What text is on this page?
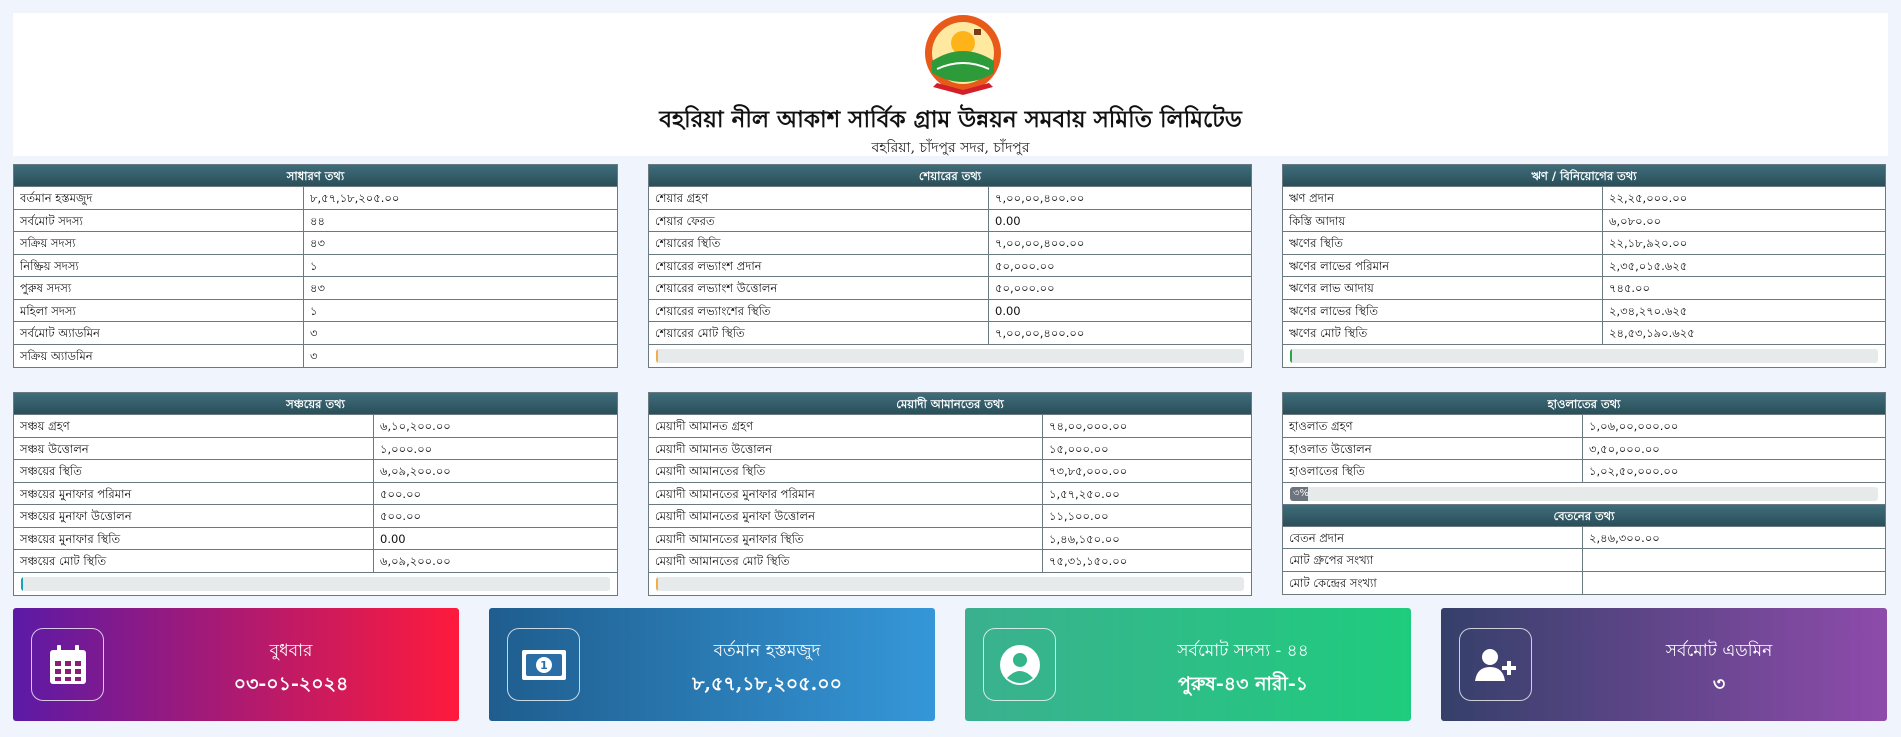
বহরিয়া নীল আকাশ সার্বিক গ্রাম উন্নয়ন সমবায় সমিতি লিমিটেড
বহরিয়া, চাঁদপুর সদর, চাঁদপুর
সাধারণ তথ্য
বর্তমান হস্তমজুদ	৮,৫৭,১৮,২০৫.০০
সর্বমোট সদস্য	৪৪
সক্রিয় সদস্য	৪৩
নিষ্ক্রিয় সদস্য	১
পুরুষ সদস্য	৪৩
মহিলা সদস্য	১
সর্বমোট অ্যাডমিন	৩
সক্রিয় অ্যাডমিন	৩
শেয়ারের তথ্য
শেয়ার গ্রহণ	৭,০০,০০,৪০০.০০
শেয়ার ফেরত	0.00
শেয়ারের স্থিতি	৭,০০,০০,৪০০.০০
শেয়ারের লভ্যাংশ প্রদান	৫০,০০০.০০
শেয়ারের লভ্যাংশ উত্তোলন	৫০,০০০.০০
শেয়ারের লভ্যাংশের স্থিতি	0.00
শেয়ারের মোট স্থিতি	৭,০০,০০,৪০০.০০
ঋণ / বিনিয়োগের তথ্য
ঋণ প্রদান	২২,২৫,০০০.০০
কিস্তি আদায়	৬,০৮০.০০
ঋণের স্থিতি	২২,১৮,৯২০.০০
ঋণের লাভের পরিমান	২,৩৫,০১৫.৬২৫
ঋণের লাভ আদায়	৭৪৫.০০
ঋণের লাভের স্থিতি	২,৩৪,২৭০.৬২৫
ঋণের মোট স্থিতি	২৪,৫৩,১৯০.৬২৫
সঞ্চয়ের তথ্য
সঞ্চয় গ্রহণ	৬,১০,২০০.০০
সঞ্চয় উত্তোলন	১,০০০.০০
সঞ্চয়ের স্থিতি	৬,০৯,২০০.০০
সঞ্চয়ের মুনাফার পরিমান	৫০০.০০
সঞ্চয়ের মুনাফা উত্তোলন	৫০০.০০
সঞ্চয়ের মুনাফার স্থিতি	0.00
সঞ্চয়ের মোট স্থিতি	৬,০৯,২০০.০০
মেয়াদী আমানতের তথ্য
মেয়াদী আমানত গ্রহণ	৭৪,০০,০০০.০০
মেয়াদী আমানত উত্তোলন	১৫,০০০.০০
মেয়াদী আমানতের স্থিতি	৭৩,৮৫,০০০.০০
মেয়াদী আমানতের মুনাফার পরিমান	১,৫৭,২৫০.০০
মেয়াদী আমানতের মুনাফা উত্তোলন	১১,১০০.০০
মেয়াদী আমানতের মুনাফার স্থিতি	১,৪৬,১৫০.০০
মেয়াদী আমানতের মোট স্থিতি	৭৫,৩১,১৫০.০০
হাওলাতের তথ্য
হাওলাত গ্রহণ	১,০৬,০০,০০০.০০
হাওলাত উত্তোলন	৩,৫০,০০০.০০
হাওলাতের স্থিতি	১,০২,৫০,০০০.০০
৩%
বেতনের তথ্য
বেতন প্রদান	২,৪৬,৩০০.০০
মোট গ্রুপের সংখ্যা
মোট কেন্দ্রের সংখ্যা
বুধবার
০৩-০১-২০২৪
1
বর্তমান হস্তমজুদ
৮,৫৭,১৮,২০৫.০০
সর্বমোট সদস্য - ৪৪
পুরুষ-৪৩ নারী-১
সর্বমোট এডমিন
৩
